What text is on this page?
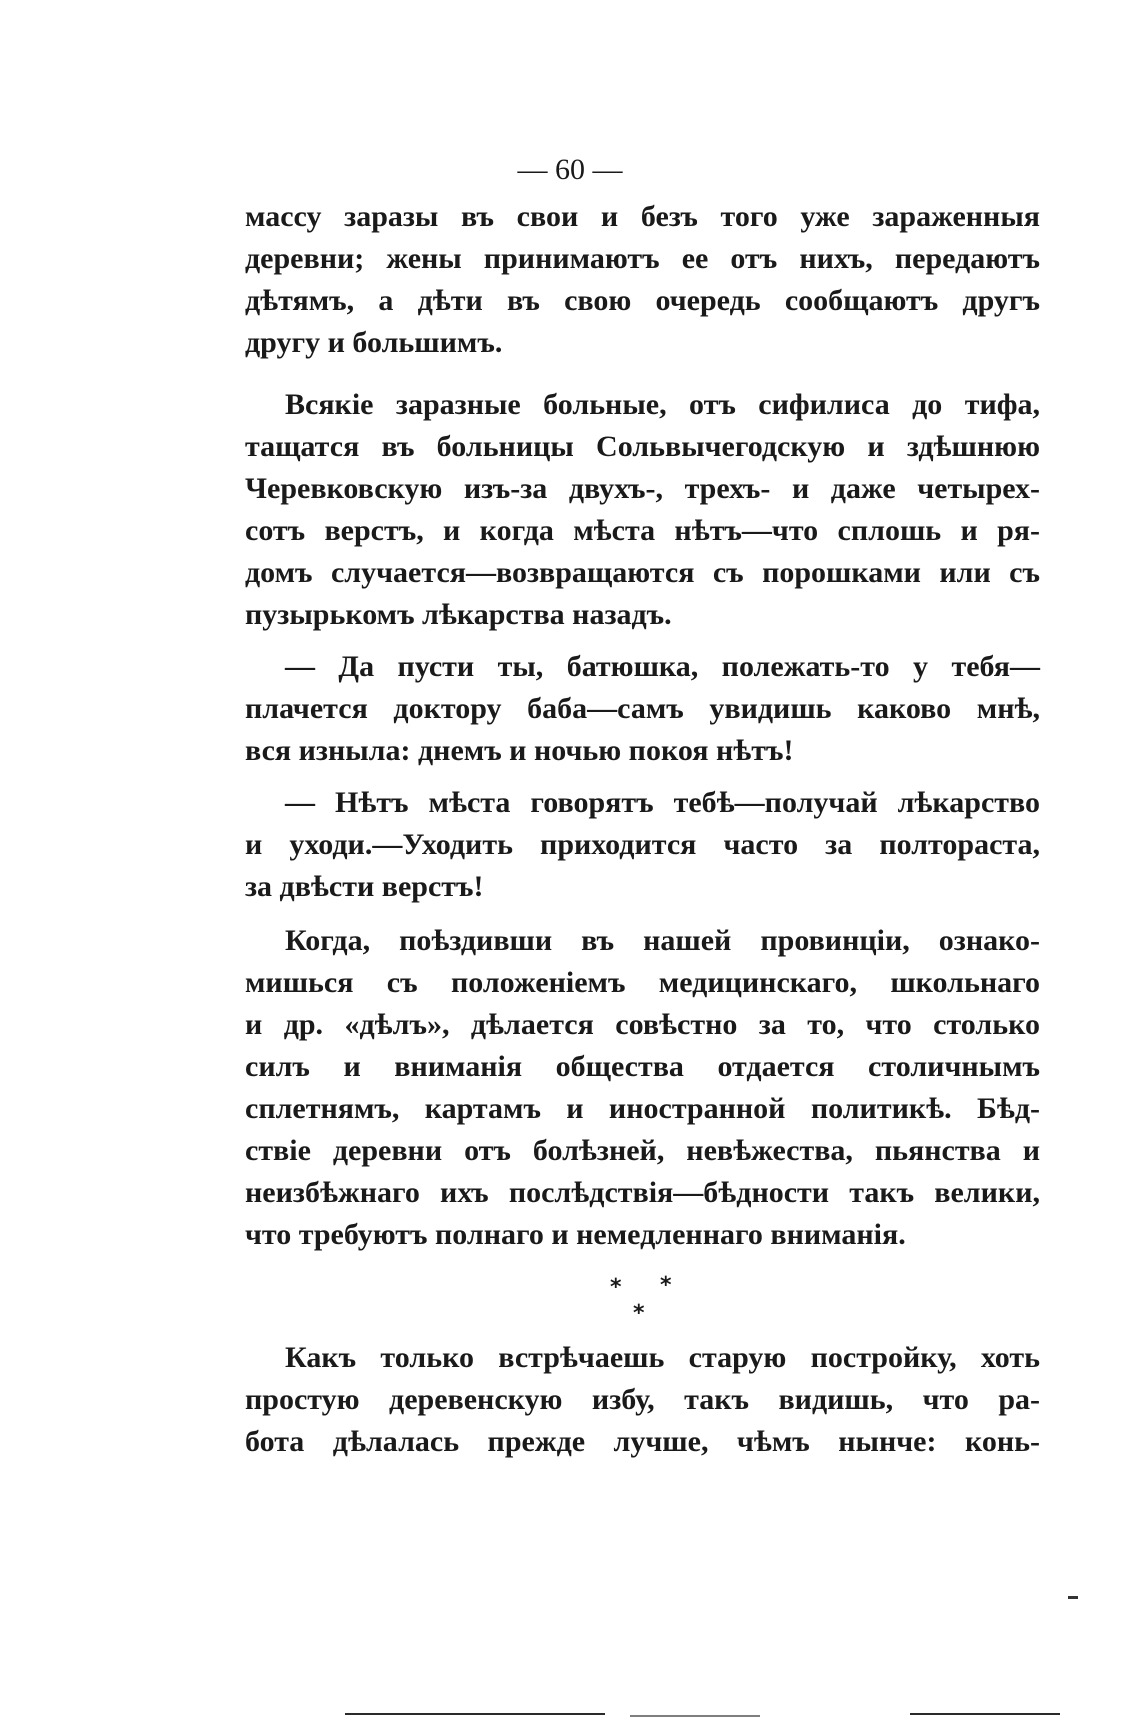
— 60 —
массу заразы въ свои и безъ того уже зараженныя
деревни; жены принимаютъ ее отъ нихъ, передаютъ
дѣтямъ, а дѣти въ свою очередь сообщаютъ другъ
другу и большимъ.
Всякіе заразные больные, отъ сифилиса до тифа,
тащатся въ больницы Сольвычегодскую и здѣшнюю
Черевковскую изъ-за двухъ-, трехъ- и даже четырех-
сотъ верстъ, и когда мѣста нѣтъ—что сплошь и ря-
домъ случается—возвращаются съ порошками или съ
пузырькомъ лѣкарства назадъ.
— Да пусти ты, батюшка, полежать-то у тебя—
плачется доктору баба—самъ увидишь каково мнѣ,
вся изныла: днемъ и ночью покоя нѣтъ!
— Нѣтъ мѣста говорятъ тебѣ—получай лѣкарство
и уходи.—Уходить приходится часто за полтораста,
за двѣсти верстъ!
Когда, поѣздивши въ нашей провинціи, ознако-
мишься съ положеніемъ медицинскаго, школьнаго
и др. «дѣлъ», дѣлается совѣстно за то, что столько
силъ и вниманія общества отдается столичнымъ
сплетнямъ, картамъ и иностранной политикѣ. Бѣд-
ствіе деревни отъ болѣзней, невѣжества, пьянства и
неизбѣжнаго ихъ послѣдствія—бѣдности такъ велики,
что требуютъ полнаго и немедленнаго вниманія.
* *
*
Какъ только встрѣчаешь старую постройку, хоть
простую деревенскую избу, такъ видишь, что ра-
бота дѣлалась прежде лучше, чѣмъ нынче: конь-
